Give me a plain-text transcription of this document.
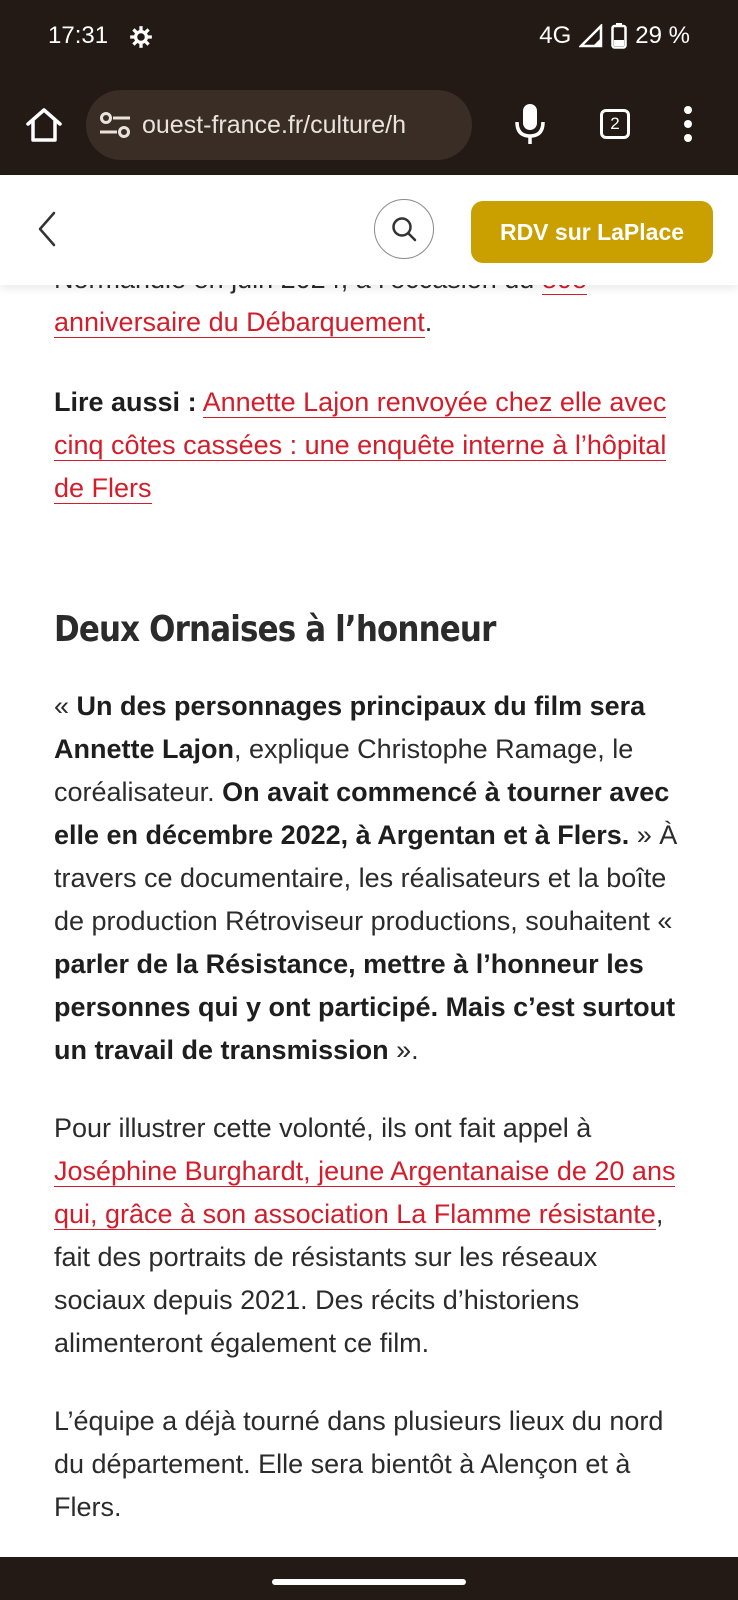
17:31	4G	29 %
ouest-france.fr/culture/h	2
RDV sur LaPlace

anniversaire du Débarquement.

Lire aussi : Annette Lajon renvoyée chez elle avec cinq côtes cassées : une enquête interne à l’hôpital de Flers

Deux Ornaises à l’honneur

« Un des personnages principaux du film sera Annette Lajon, explique Christophe Ramage, le coréalisateur. On avait commencé à tourner avec elle en décembre 2022, à Argentan et à Flers. » À travers ce documentaire, les réalisateurs et la boîte de production Rétroviseur productions, souhaitent « parler de la Résistance, mettre à l’honneur les personnes qui y ont participé. Mais c’est surtout un travail de transmission ».

Pour illustrer cette volonté, ils ont fait appel à Joséphine Burghardt, jeune Argentanaise de 20 ans qui, grâce à son association La Flamme résistante, fait des portraits de résistants sur les réseaux sociaux depuis 2021. Des récits d’historiens alimenteront également ce film.

L’équipe a déjà tourné dans plusieurs lieux du nord du département. Elle sera bientôt à Alençon et à Flers.
